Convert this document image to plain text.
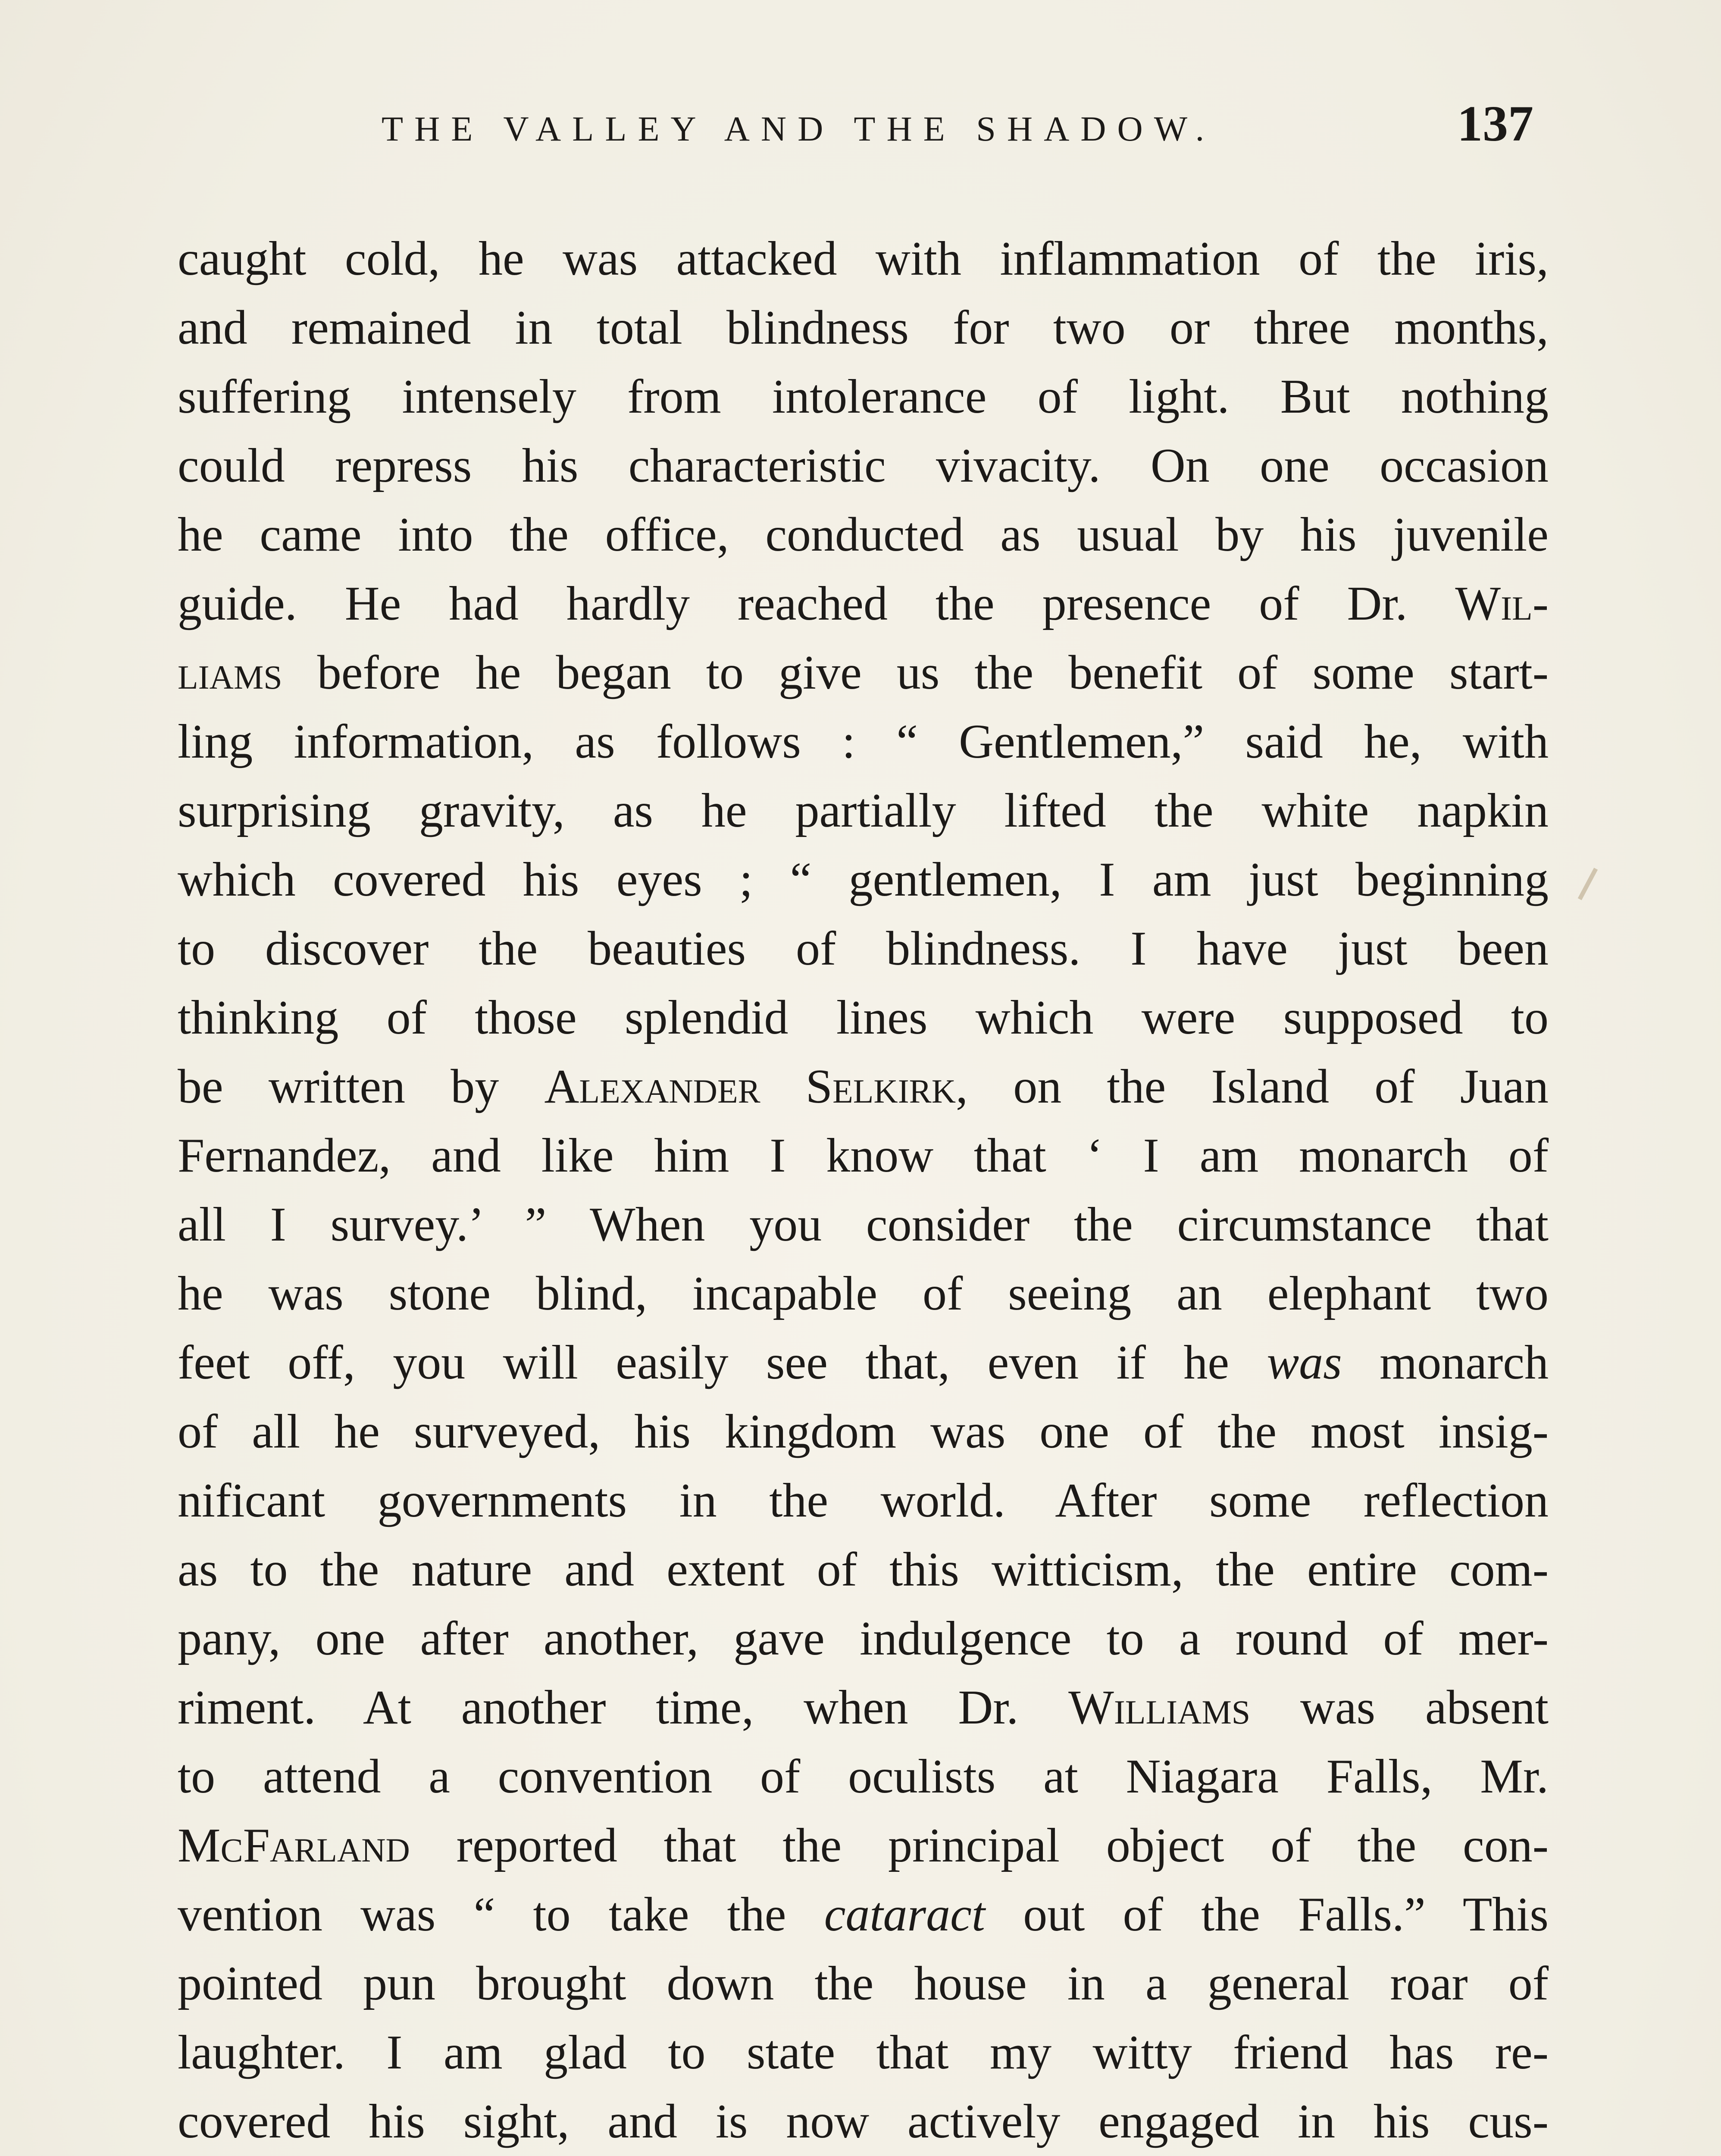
THE VALLEY AND THE SHADOW.	137
caught cold, he was attacked with inflammation of the iris,
and remained in total blindness for two or three months,
suffering intensely from intolerance of light. But nothing
could repress his characteristic vivacity. On one occasion
he came into the office, conducted as usual by his juvenile
guide. He had hardly reached the presence of Dr. Wil-
liams before he began to give us the benefit of some start-
ling information, as follows : “ Gentlemen,” said he, with
surprising gravity, as he partially lifted the white napkin
which covered his eyes ; “ gentlemen, I am just beginning
to discover the beauties of blindness. I have just been
thinking of those splendid lines which were supposed to
be written by Alexander Selkirk, on the Island of Juan
Fernandez, and like him I know that ‘ I am monarch of
all I survey.’ ” When you consider the circumstance that
he was stone blind, incapable of seeing an elephant two
feet off, you will easily see that, even if he was monarch
of all he surveyed, his kingdom was one of the most insig-
nificant governments in the world. After some reflection
as to the nature and extent of this witticism, the entire com-
pany, one after another, gave indulgence to a round of mer-
riment. At another time, when Dr. Williams was absent
to attend a convention of oculists at Niagara Falls, Mr.
McFarland reported that the principal object of the con-
vention was “ to take the cataract out of the Falls.” This
pointed pun brought down the house in a general roar of
laughter. I am glad to state that my witty friend has re-
covered his sight, and is now actively engaged in his cus-
